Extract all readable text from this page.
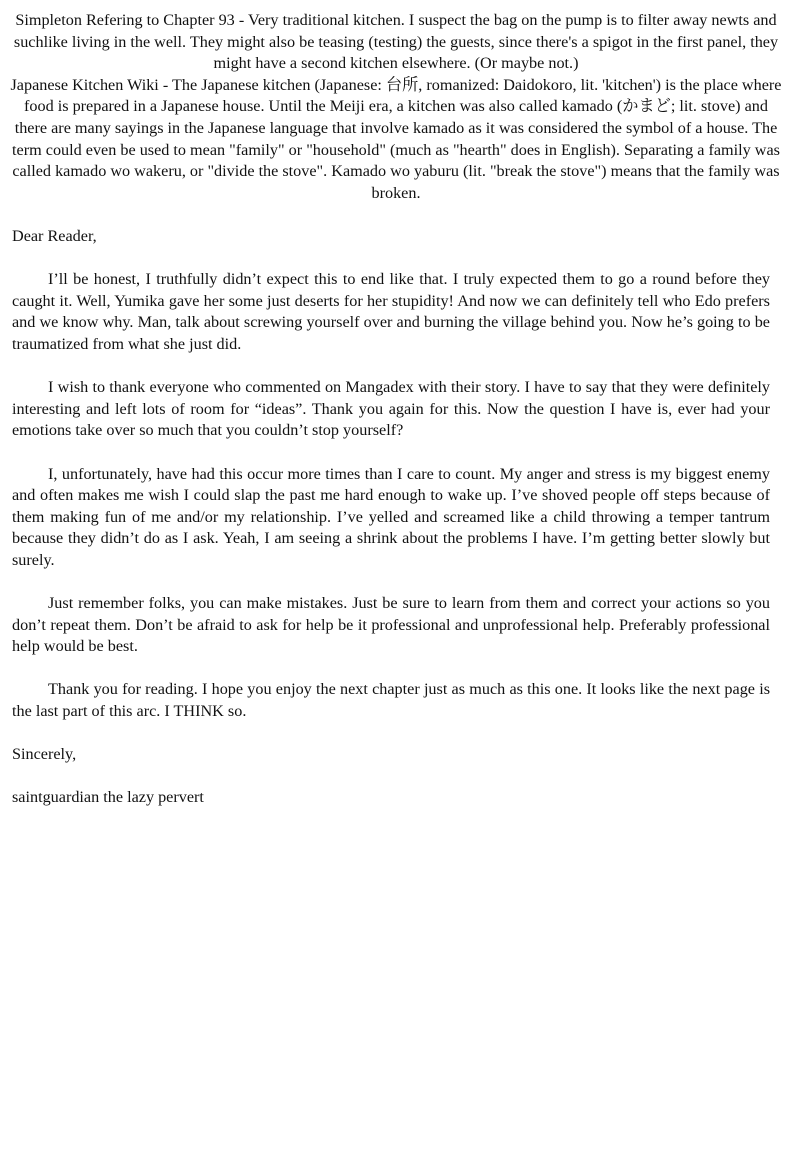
Simpleton Refering to Chapter 93 - Very traditional kitchen. I suspect the bag on the pump is to filter away newts and suchlike living in the well. They might also be teasing (testing) the guests, since there's a spigot in the first panel, they might have a second kitchen elsewhere. (Or maybe not.)

Japanese Kitchen Wiki - The Japanese kitchen (Japanese: 台所, romanized: Daidokoro, lit. 'kitchen') is the place where food is prepared in a Japanese house. Until the Meiji era, a kitchen was also called kamado (かまど; lit. stove) and there are many sayings in the Japanese language that involve kamado as it was considered the symbol of a house. The term could even be used to mean "family" or "household" (much as "hearth" does in English). Separating a family was called kamado wo wakeru, or "divide the stove". Kamado wo yaburu (lit. "break the stove") means that the family was broken.

Dear Reader,

I’ll be honest, I truthfully didn’t expect this to end like that. I truly expected them to go a round before they caught it. Well, Yumika gave her some just deserts for her stupidity! And now we can definitely tell who Edo prefers and we know why. Man, talk about screwing yourself over and burning the village behind you. Now he’s going to be traumatized from what she just did.

I wish to thank everyone who commented on Mangadex with their story. I have to say that they were definitely interesting and left lots of room for “ideas”. Thank you again for this. Now the question I have is, ever had your emotions take over so much that you couldn’t stop yourself?

I, unfortunately, have had this occur more times than I care to count. My anger and stress is my biggest enemy and often makes me wish I could slap the past me hard enough to wake up. I’ve shoved people off steps because of them making fun of me and/or my relationship. I’ve yelled and screamed like a child throwing a temper tantrum because they didn’t do as I ask. Yeah, I am seeing a shrink about the problems I have. I’m getting better slowly but surely.

Just remember folks, you can make mistakes. Just be sure to learn from them and correct your actions so you don’t repeat them. Don’t be afraid to ask for help be it professional and unprofessional help. Preferably professional help would be best.

Thank you for reading. I hope you enjoy the next chapter just as much as this one. It looks like the next page is the last part of this arc. I THINK so.

Sincerely,

saintguardian the lazy pervert
